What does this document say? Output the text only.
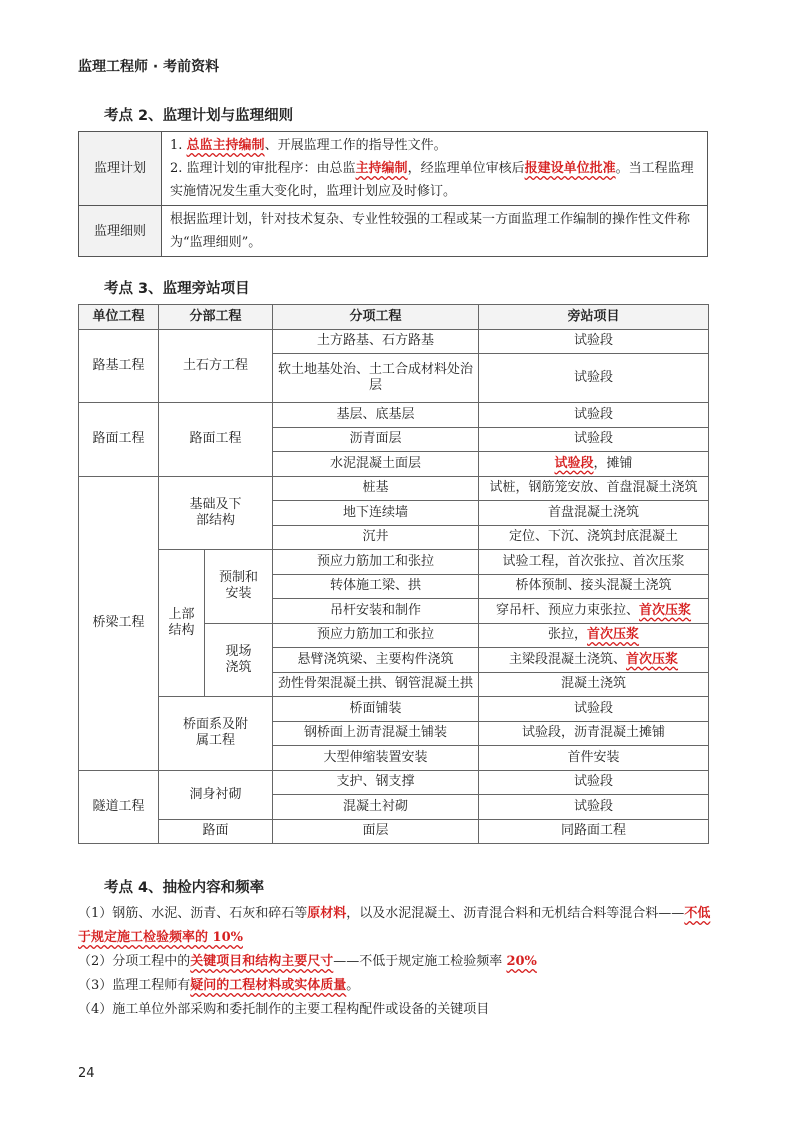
监理工程师 · 考前资料
考点 2、监理计划与监理细则
监理计划	1. 总监主持编制、开展监理工作的指导性文件。
2. 监理计划的审批程序：由总监主持编制，经监理单位审核后报建设单位批准。当工程监理实施情况发生重大变化时，监理计划应及时修订。

监理细则	根据监理计划，针对技术复杂、专业性较强的工程或某一方面监理工作编制的操作性文件称为“监理细则”。
考点 3、监理旁站项目
单位工程	分部工程		分项工程	旁站项目
路基工程	土石方工程		土方路基、石方路基	试验段
			软土地基处治、土工合成材料处治层	试验段
路面工程	路面工程		基层、底基层	试验段
			沥青面层	试验段
			水泥混凝土面层	试验段，摊铺
桥梁工程	基础及下部结构		桩基	试桩，钢筋笼安放、首盘混凝土浇筑
			地下连续墙	首盘混凝土浇筑
			沉井	定位、下沉、浇筑封底混凝土

	上部结构	预制和安装	预应力筋加工和张拉	试验工程，首次张拉、首次压浆
			转体施工梁、拱	桥体预制、接头混凝土浇筑
			吊杆安装和制作	穿吊杆、预应力束张拉、首次压浆

		现场浇筑	预应力筋加工和张拉	张拉，首次压浆
			悬臂浇筑梁、主要构件浇筑	主梁段混凝土浇筑、首次压浆
			劲性骨架混凝土拱、钢管混凝土拱	混凝土浇筑

	桥面系及附属工程		桥面铺装	试验段
			钢桥面上沥青混凝土铺装	试验段，沥青混凝土摊铺
			大型伸缩装置安装	首件安装
隧道工程	洞身衬砌		支护、钢支撑	试验段
			混凝土衬砌	试验段
	路面		面层	同路面工程
考点 4、抽检内容和频率
（1）钢筋、水泥、沥青、石灰和碎石等原材料，以及水泥混凝土、沥青混合料和无机结合料等混合料——不低于规定施工检验频率的 10%
（2）分项工程中的关键项目和结构主要尺寸——不低于规定施工检验频率 20%
（3）监理工程师有疑问的工程材料或实体质量。
（4）施工单位外部采购和委托制作的主要工程构配件或设备的关键项目
24
